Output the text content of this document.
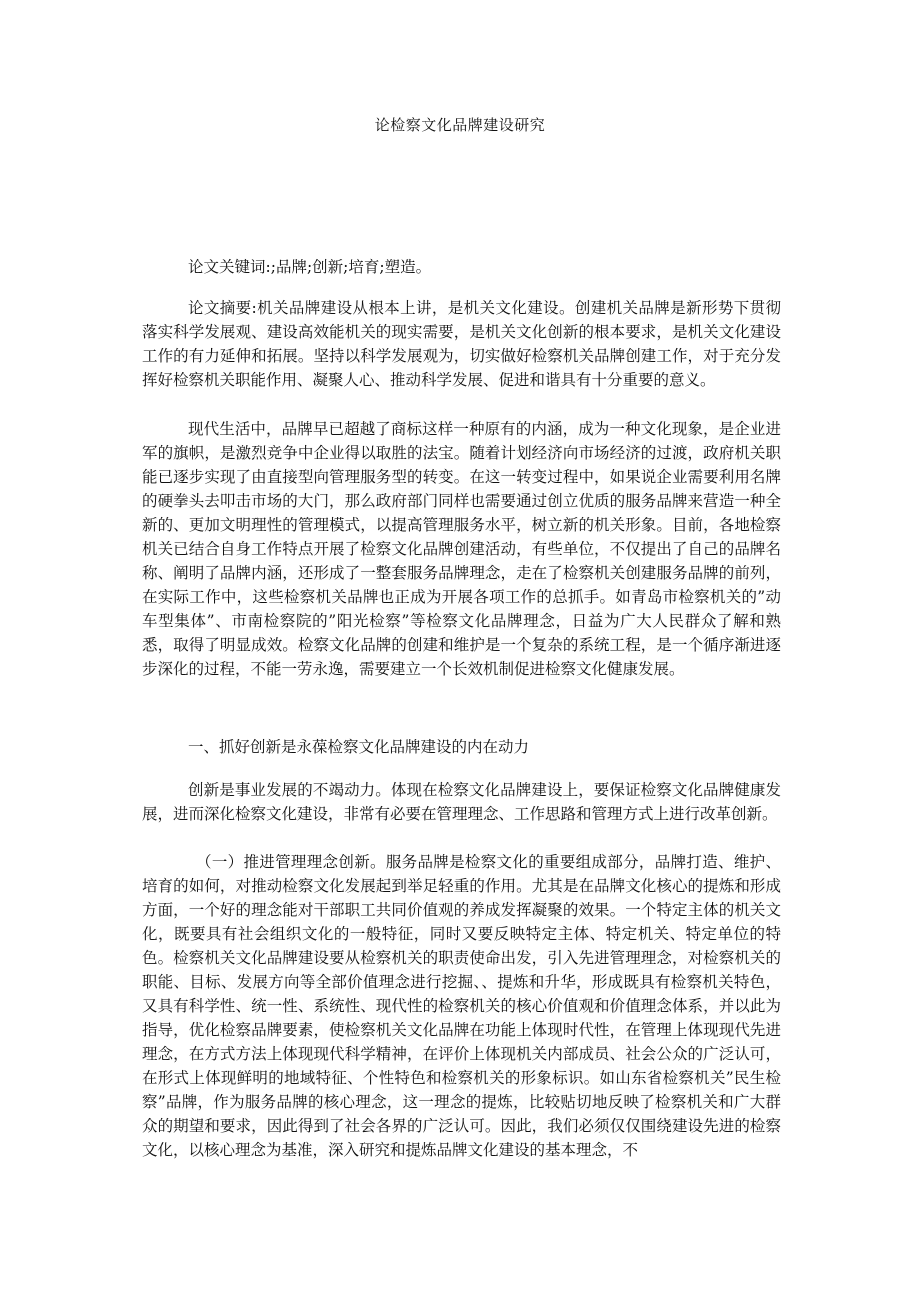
论检察文化品牌建设研究

论文关键词:;品牌;创新;培育;塑造。

论文摘要:机关品牌建设从根本上讲，是机关文化建设。创建机关品牌是新形势下贯彻落实科学发展观、建设高效能机关的现实需要，是机关文化创新的根本要求，是机关文化建设工作的有力延伸和拓展。坚持以科学发展观为，切实做好检察机关品牌创建工作，对于充分发挥好检察机关职能作用、凝聚人心、推动科学发展、促进和谐具有十分重要的意义。

现代生活中，品牌早已超越了商标这样一种原有的内涵，成为一种文化现象，是企业进军的旗帜，是激烈竞争中企业得以取胜的法宝。随着计划经济向市场经济的过渡，政府机关职能已逐步实现了由直接型向管理服务型的转变。在这一转变过程中，如果说企业需要利用名牌的硬拳头去叩击市场的大门，那么政府部门同样也需要通过创立优质的服务品牌来营造一种全新的、更加文明理性的管理模式，以提高管理服务水平，树立新的机关形象。目前，各地检察机关已结合自身工作特点开展了检察文化品牌创建活动，有些单位，不仅提出了自己的品牌名称、阐明了品牌内涵，还形成了一整套服务品牌理念，走在了检察机关创建服务品牌的前列，在实际工作中，这些检察机关品牌也正成为开展各项工作的总抓手。如青岛市检察机关的”动车型集体”、市南检察院的”阳光检察”等检察文化品牌理念，日益为广大人民群众了解和熟悉，取得了明显成效。检察文化品牌的创建和维护是一个复杂的系统工程，是一个循序渐进逐步深化的过程，不能一劳永逸，需要建立一个长效机制促进检察文化健康发展。

一、抓好创新是永葆检察文化品牌建设的内在动力

创新是事业发展的不竭动力。体现在检察文化品牌建设上，要保证检察文化品牌健康发展，进而深化检察文化建设，非常有必要在管理理念、工作思路和管理方式上进行改革创新。

（一）推进管理理念创新。服务品牌是检察文化的重要组成部分，品牌打造、维护、培育的如何，对推动检察文化发展起到举足轻重的作用。尤其是在品牌文化核心的提炼和形成方面，一个好的理念能对干部职工共同价值观的养成发挥凝聚的效果。一个特定主体的机关文化，既要具有社会组织文化的一般特征，同时又要反映特定主体、特定机关、特定单位的特色。检察机关文化品牌建设要从检察机关的职责使命出发，引入先进管理理念，对检察机关的职能、目标、发展方向等全部价值理念进行挖掘、、提炼和升华，形成既具有检察机关特色，又具有科学性、统一性、系统性、现代性的检察机关的核心价值观和价值理念体系，并以此为指导，优化检察品牌要素，使检察机关文化品牌在功能上体现时代性，在管理上体现现代先进理念，在方式方法上体现现代科学精神，在评价上体现机关内部成员、社会公众的广泛认可，在形式上体现鲜明的地域特征、个性特色和检察机关的形象标识。如山东省检察机关”民生检察”品牌，作为服务品牌的核心理念，这一理念的提炼，比较贴切地反映了检察机关和广大群众的期望和要求，因此得到了社会各界的广泛认可。因此，我们必须仅仅围绕建设先进的检察文化，以核心理念为基准，深入研究和提炼品牌文化建设的基本理念，不
